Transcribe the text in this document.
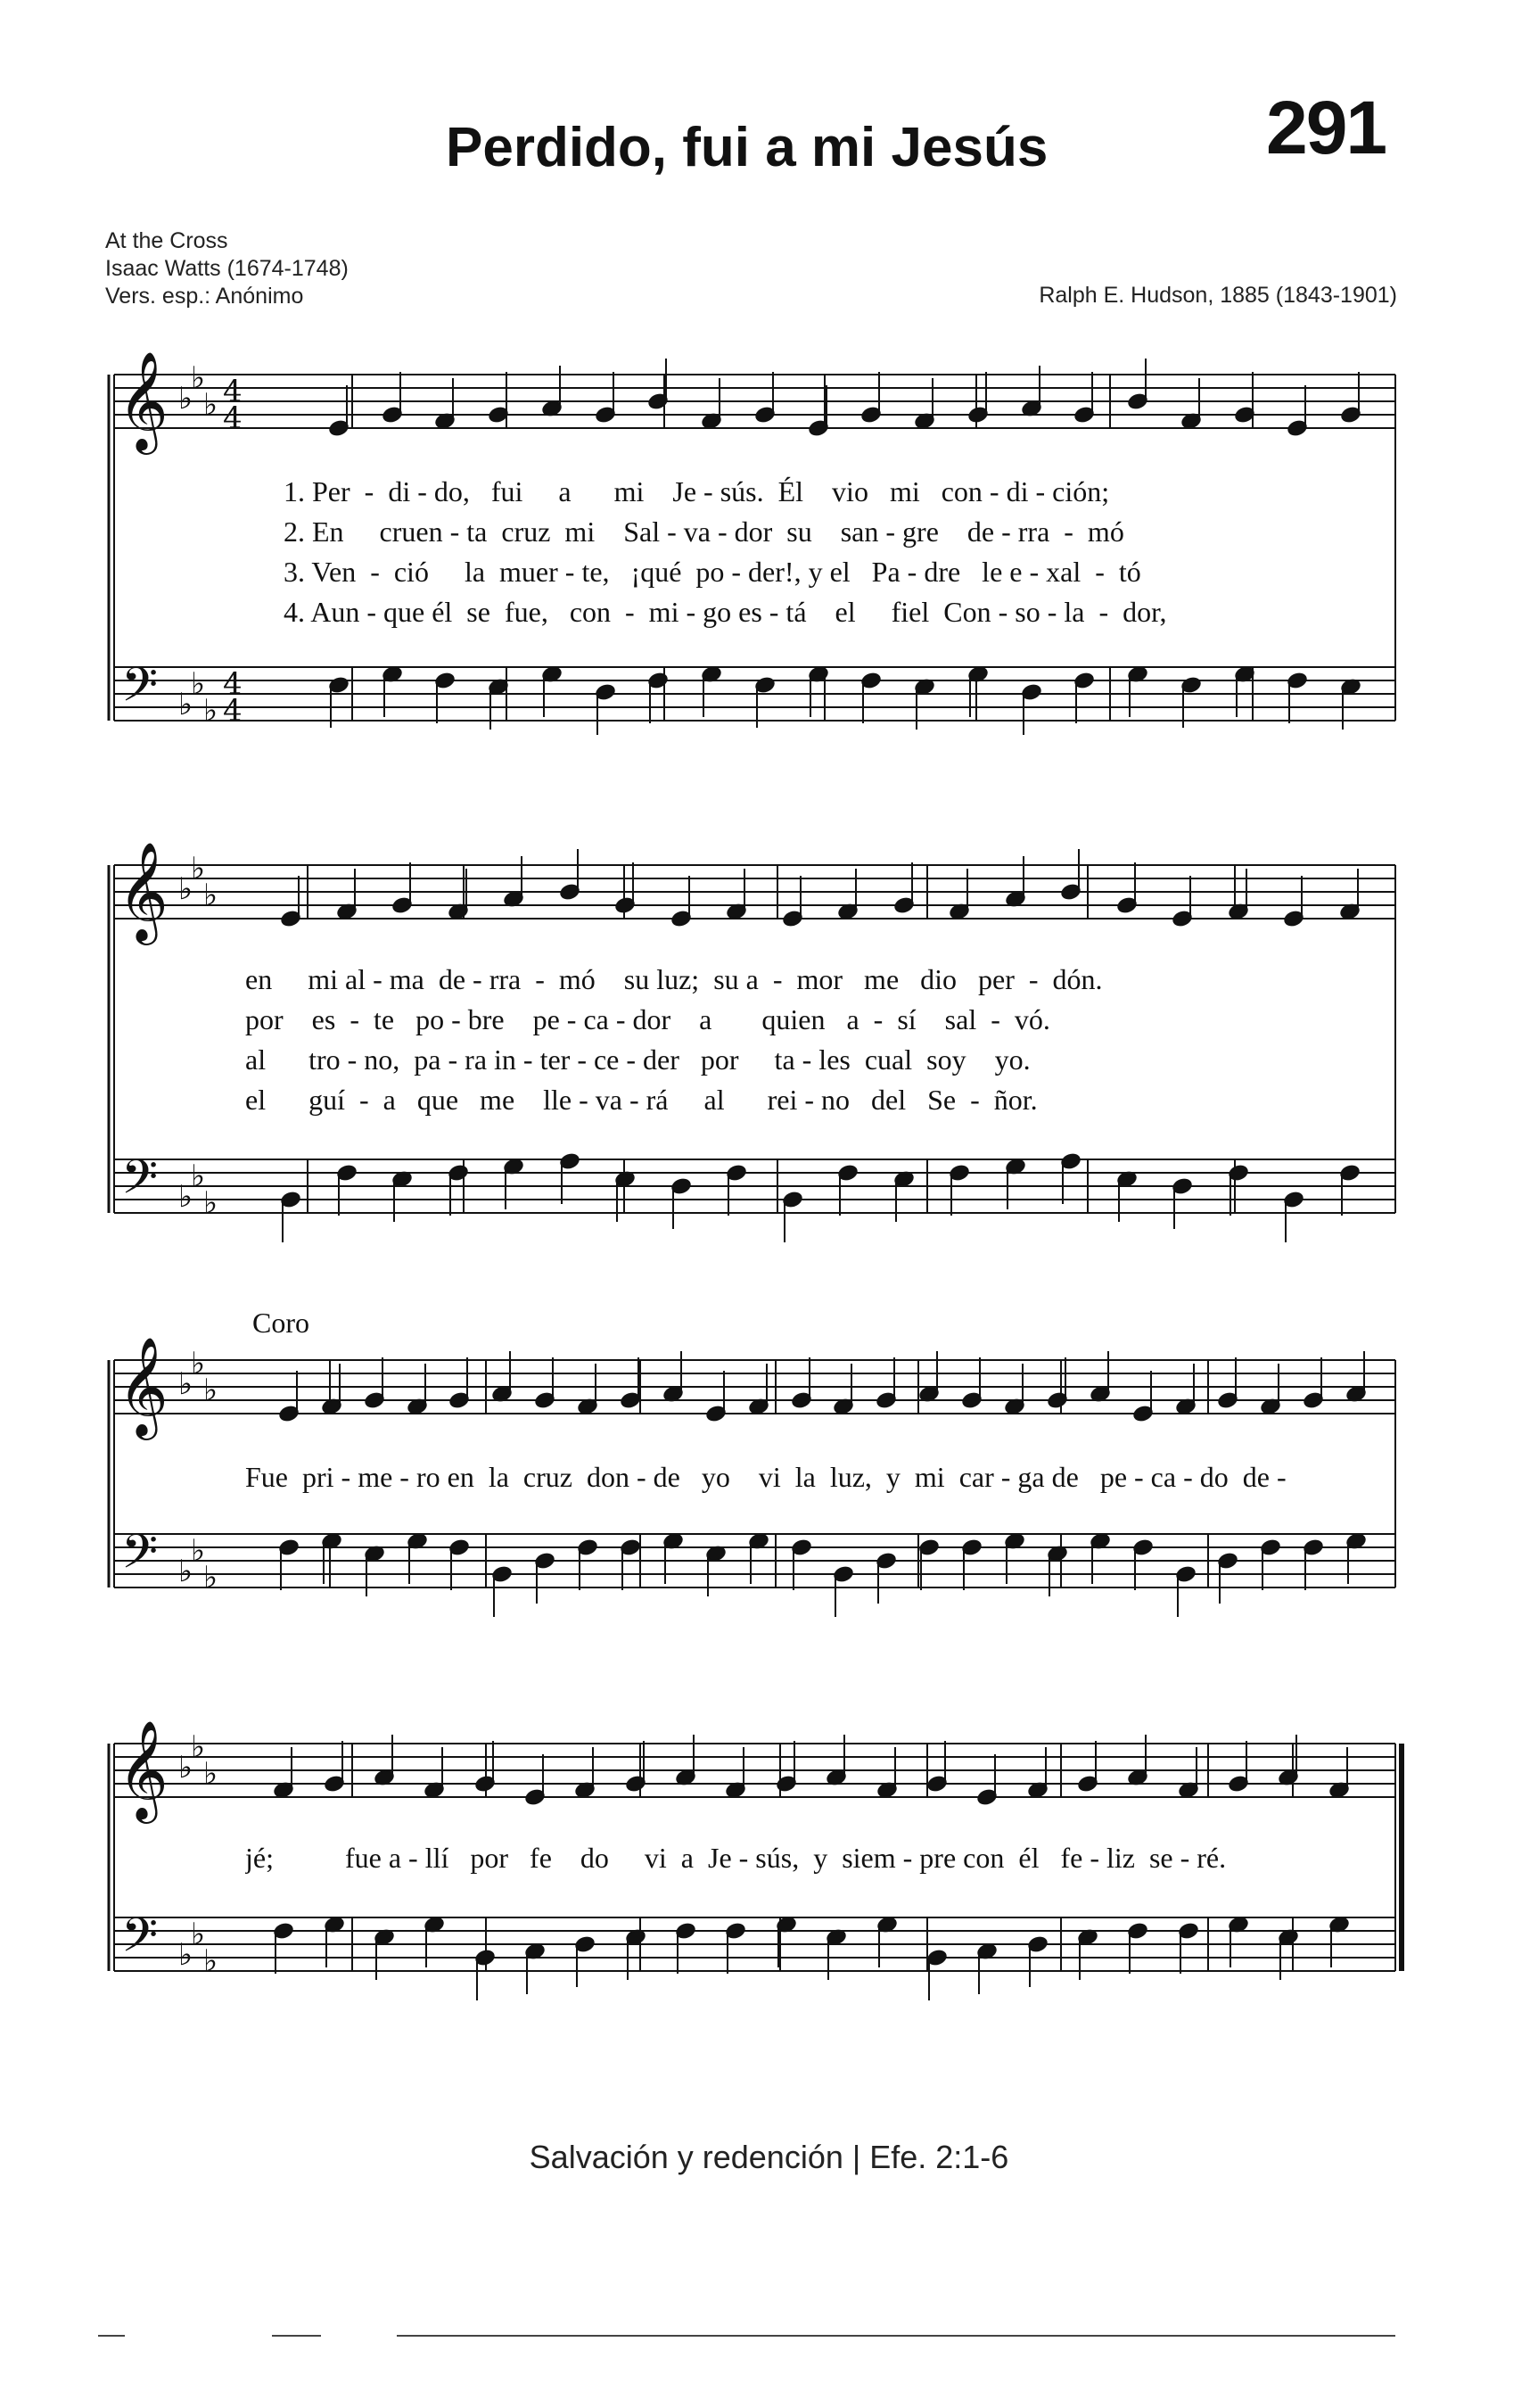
291
Perdido, fui a mi Jesús
At the Cross
Isaac Watts (1674-1748)
Vers. esp.: Anónimo	Ralph E. Hudson, 1885 (1843-1901)
𝄞
𝄢
♭
♭
♭
♭
♭
♭
4
4
4
4
𝄞
𝄢
♭
♭
♭
♭
♭
♭
𝄞
𝄢
♭
♭
♭
♭
♭
♭
𝄞
𝄢
♭
♭
♭
♭
♭
♭
1. Per  -  di - do,   fui     a      mi    Je - sús.  Él    vio   mi   con - di - ción;
2. En     cruen - ta  cruz  mi    Sal - va - dor  su    san - gre    de - rra  -  mó
3. Ven  -  ció     la  muer - te,   ¡qué  po - der!, y el   Pa - dre   le e - xal  -  tó
4. Aun - que él  se  fue,   con  -  mi - go es - tá    el     fiel  Con - so - la  -  dor,
en     mi al - ma  de - rra  -  mó    su luz;  su a  -  mor   me   dio   per  -  dón.
por    es  -  te   po - bre    pe - ca - dor    a       quien   a  -  sí    sal  -  vó.
al      tro - no,  pa - ra in - ter - ce - der   por     ta - les  cual  soy    yo.
el      guí  -  a   que   me    lle - va - rá     al      rei - no   del   Se  -  ñor.
Coro
Fue  pri - me - ro en  la  cruz  don - de   yo    vi  la  luz,  y  mi  car - ga de   pe - ca - do  de -
jé;          fue a - llí   por   fe    do     vi  a  Je - sús,  y  siem - pre con  él   fe - liz  se - ré.
Salvación y redención | Efe. 2:1-6
